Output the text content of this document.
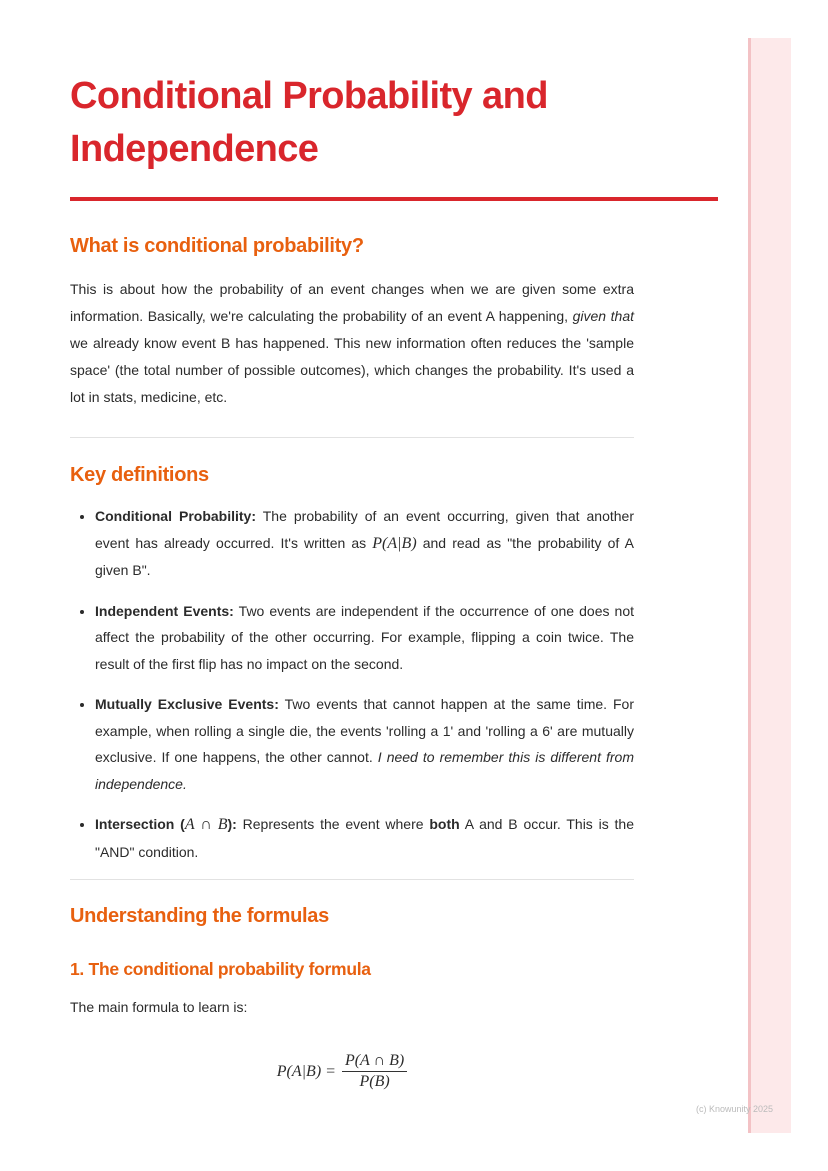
Conditional Probability and Independence
What is conditional probability?

This is about how the probability of an event changes when we are given some extra information. Basically, we're calculating the probability of an event A happening, given that we already know event B has happened. This new information often reduces the 'sample space' (the total number of possible outcomes), which changes the probability. It's used a lot in stats, medicine, etc.

Key definitions
• Conditional Probability: The probability of an event occurring, given that another event has already occurred. It's written as P(A|B) and read as "the probability of A given B".
• Independent Events: Two events are independent if the occurrence of one does not affect the probability of the other occurring. For example, flipping a coin twice. The result of the first flip has no impact on the second.
• Mutually Exclusive Events: Two events that cannot happen at the same time. For example, when rolling a single die, the events 'rolling a 1' and 'rolling a 6' are mutually exclusive. If one happens, the other cannot. I need to remember this is different from independence.
• Intersection (A ∩ B): Represents the event where both A and B occur. This is the "AND" condition.
Understanding the formulas
1. The conditional probability formula

The main formula to learn is:

$P(A|B) = \frac{P(A \cap B)}{P(B)}$
(c) Knowunity 2025
